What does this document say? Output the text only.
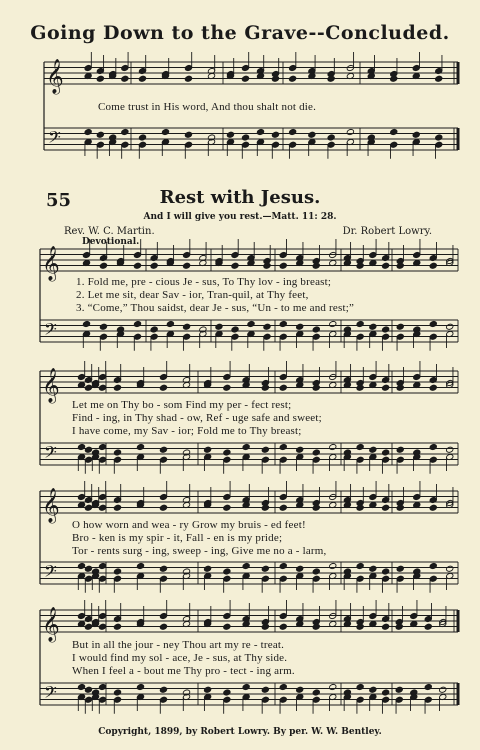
Going Down to the Grave--Concluded.
𝄞
𝄢
𝄞
𝄢
𝄞
𝄢
𝄞
𝄢
𝄞
𝄢
Come trust in His word, And thou shalt not die.
55	Rest with Jesus.
And I will give you rest.—Matt. 11: 28.
Rev. W. C. Martin.	Dr. Robert Lowry.
Devotional.
1. Fold me, pre - cious Je - sus, To Thy lov - ing breast;
2. Let me sit, dear Sav - ior, Tran-quil, at Thy feet,
3. “Come,” Thou saidst, dear Je - sus, “Un - to me and rest;”
Let me on Thy bo - som Find my per - fect rest;
Find - ing, in Thy shad - ow, Ref - uge safe and sweet;
I have come, my Sav - ior; Fold me to Thy breast;
O how worn and wea - ry Grow my bruis - ed feet!
Bro - ken is my spir - it, Fall - en is my pride;
Tor - rents surg - ing, sweep - ing, Give me no a - larm,
But in all the jour - ney Thou art my re - treat.
I would find my sol - ace, Je - sus, at Thy side.
When I feel a - bout me Thy pro - tect - ing arm.
Copyright, 1899, by Robert Lowry. By per. W. W. Bentley.
